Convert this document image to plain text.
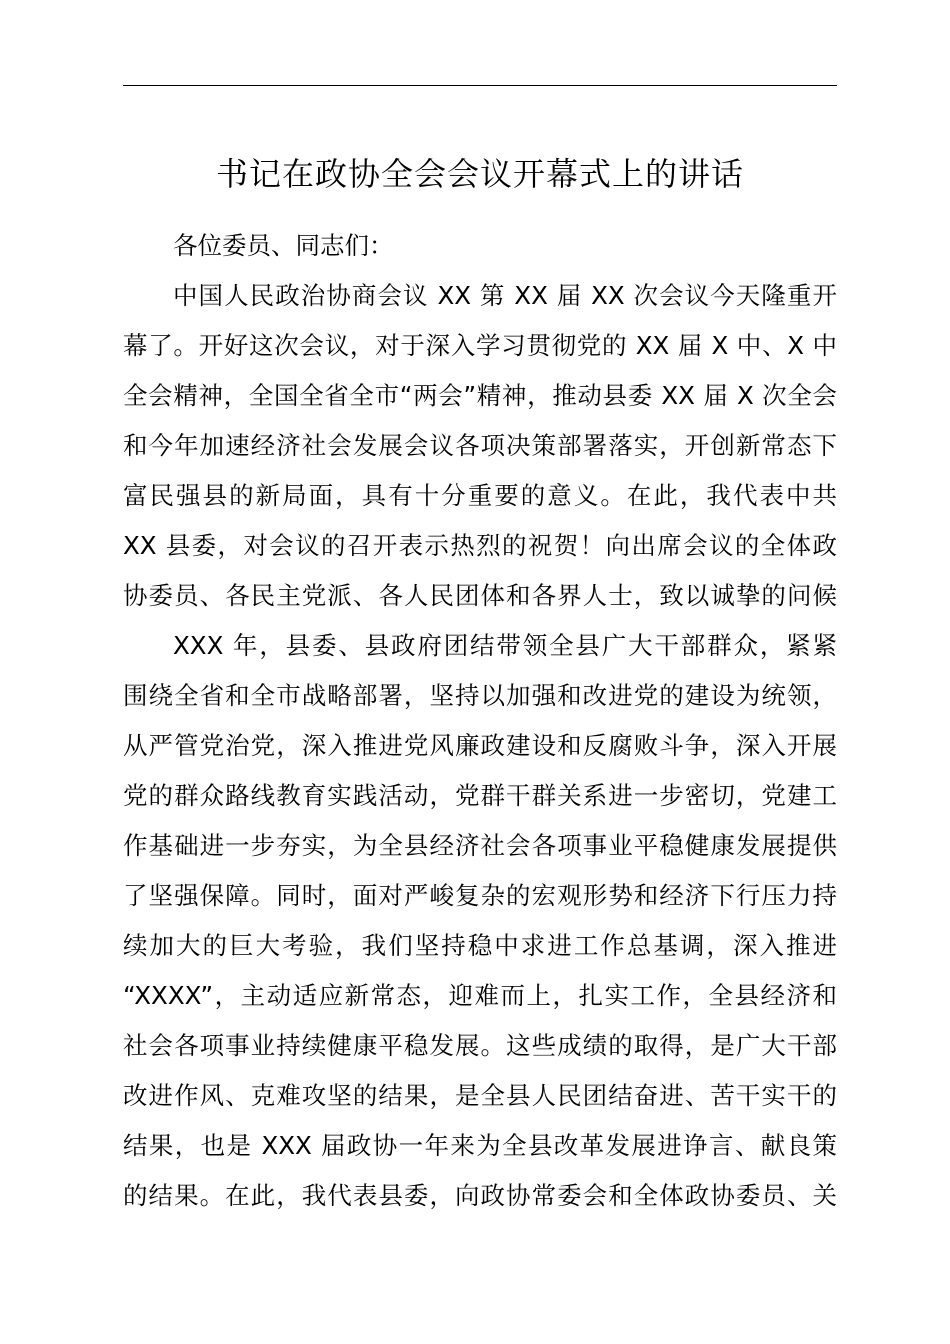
书记在政协全会会议开幕式上的讲话
各位委员、同志们：
中国人民政治协商会议 XX 第 XX 届 XX 次会议今天隆重开
幕了。开好这次会议，对于深入学习贯彻党的 XX 届 X 中、X 中
全会精神，全国全省全市“两会”精神，推动县委 XX 届 X 次全会
和今年加速经济社会发展会议各项决策部署落实，开创新常态下
富民强县的新局面，具有十分重要的意义。在此，我代表中共
XX 县委，对会议的召开表示热烈的祝贺！向出席会议的全体政
协委员、各民主党派、各人民团体和各界人士，致以诚挚的问候
XXX 年，县委、县政府团结带领全县广大干部群众，紧紧
围绕全省和全市战略部署，坚持以加强和改进党的建设为统领，
从严管党治党，深入推进党风廉政建设和反腐败斗争，深入开展
党的群众路线教育实践活动，党群干群关系进一步密切，党建工
作基础进一步夯实，为全县经济社会各项事业平稳健康发展提供
了坚强保障。同时，面对严峻复杂的宏观形势和经济下行压力持
续加大的巨大考验，我们坚持稳中求进工作总基调，深入推进
“XXXX”，主动适应新常态，迎难而上，扎实工作，全县经济和
社会各项事业持续健康平稳发展。这些成绩的取得，是广大干部
改进作风、克难攻坚的结果，是全县人民团结奋进、苦干实干的
结果，也是 XXX 届政协一年来为全县改革发展进诤言、献良策
的结果。在此，我代表县委，向政协常委会和全体政协委员、关
